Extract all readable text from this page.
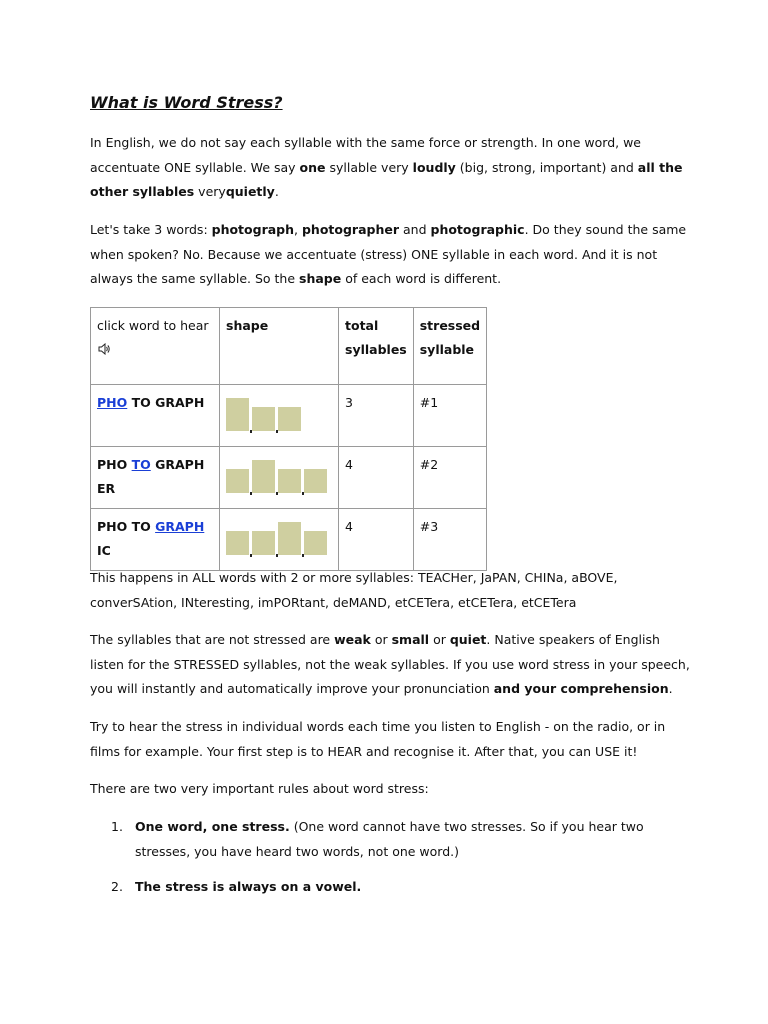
What is Word Stress?

In English, we do not say each syllable with the same force or strength. In one word, we accentuate ONE syllable. We say one syllable very loudly (big, strong, important) and all the other syllables veryquietly.

Let's take 3 words: photograph, photographer and photographic. Do they sound the same when spoken? No. Because we accentuate (stress) ONE syllable in each word. And it is not always the same syllable. So the shape of each word is different.

click word to hear	shape	total syllables	stressed syllable
PHO TO GRAPH		3	#1
PHO TO GRAPH ER		4	#2
PHO TO GRAPH IC		4	#3

This happens in ALL words with 2 or more syllables: TEACHer, JaPAN, CHINa, aBOVE, converSAtion, INteresting, imPORtant, deMAND, etCETera, etCETera, etCETera

The syllables that are not stressed are weak or small or quiet. Native speakers of English listen for the STRESSED syllables, not the weak syllables. If you use word stress in your speech, you will instantly and automatically improve your pronunciation and your comprehension.

Try to hear the stress in individual words each time you listen to English - on the radio, or in films for example. Your first step is to HEAR and recognise it. After that, you can USE it!

There are two very important rules about word stress:

1. One word, one stress. (One word cannot have two stresses. So if you hear two stresses, you have heard two words, not one word.)
2. The stress is always on a vowel.
